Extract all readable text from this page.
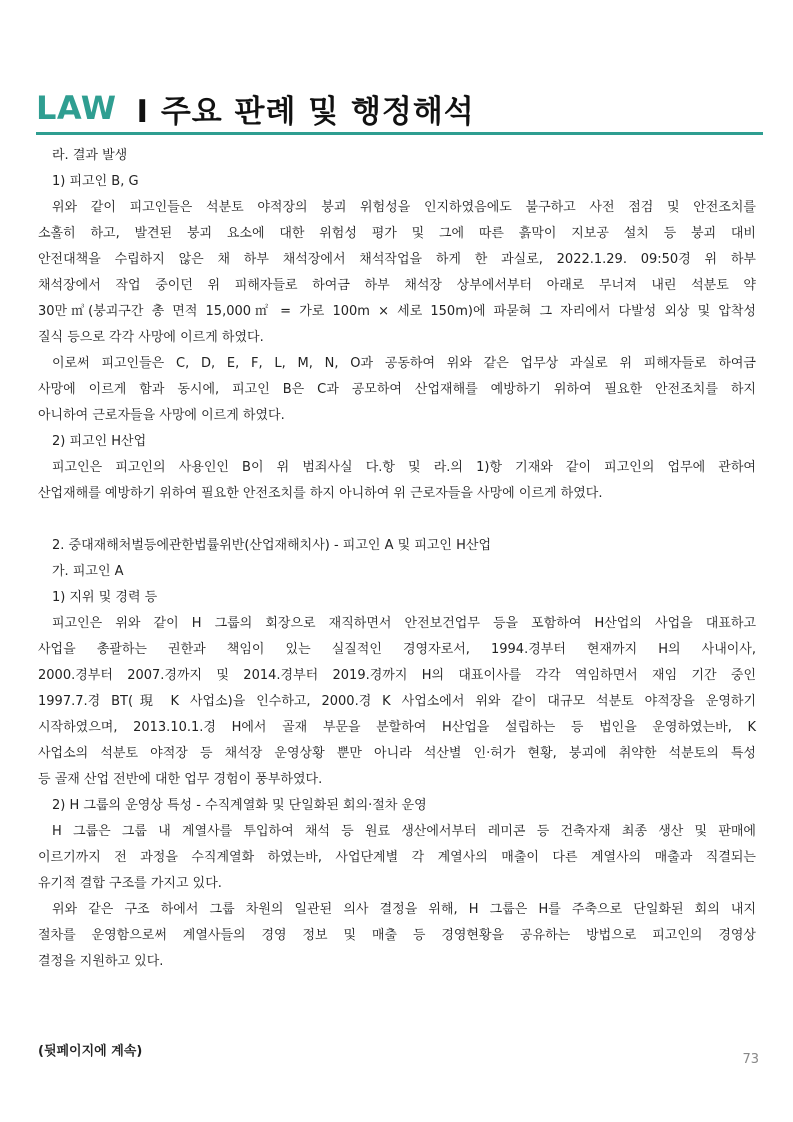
LAW I 주요 판례 및 행정해석

라. 결과 발생

1) 피고인 B, G

위와 같이 피고인들은 석분토 야적장의 붕괴 위험성을 인지하였음에도 불구하고 사전 점검 및 안전조치를

소홀히 하고, 발견된 붕괴 요소에 대한 위험성 평가 및 그에 따른 흙막이 지보공 설치 등 붕괴 대비

안전대책을 수립하지 않은 채 하부 채석장에서 채석작업을 하게 한 과실로, 2022.1.29. 09:50경 위 하부

채석장에서 작업 중이던 위 피해자들로 하여금 하부 채석장 상부에서부터 아래로 무너져 내린 석분토 약

30만㎥(붕괴구간 총 면적 15,000㎡ = 가로 100m × 세로 150m)에 파묻혀 그 자리에서 다발성 외상 및 압착성

질식 등으로 각각 사망에 이르게 하였다.

이로써 피고인들은 C, D, E, F, L, M, N, O과 공동하여 위와 같은 업무상 과실로 위 피해자들로 하여금

사망에 이르게 함과 동시에, 피고인 B은 C과 공모하여 산업재해를 예방하기 위하여 필요한 안전조치를 하지

아니하여 근로자들을 사망에 이르게 하였다.

2) 피고인 H산업

피고인은 피고인의 사용인인 B이 위 범죄사실 다.항 및 라.의 1)항 기재와 같이 피고인의 업무에 관하여

산업재해를 예방하기 위하여 필요한 안전조치를 하지 아니하여 위 근로자들을 사망에 이르게 하였다.

2. 중대재해처벌등에관한법률위반(산업재해치사) - 피고인 A 및 피고인 H산업

가. 피고인 A

1) 지위 및 경력 등

피고인은 위와 같이 H 그룹의 회장으로 재직하면서 안전보건업무 등을 포함하여 H산업의 사업을 대표하고

사업을 총괄하는 권한과 책임이 있는 실질적인 경영자로서, 1994.경부터 현재까지 H의 사내이사,

2000.경부터 2007.경까지 및 2014.경부터 2019.경까지 H의 대표이사를 각각 역임하면서 재임 기간 중인

1997.7.경 BT(現 K 사업소)을 인수하고, 2000.경 K 사업소에서 위와 같이 대규모 석분토 야적장을 운영하기

시작하였으며, 2013.10.1.경 H에서 골재 부문을 분할하여 H산업을 설립하는 등 법인을 운영하였는바, K

사업소의 석분토 야적장 등 채석장 운영상황 뿐만 아니라 석산별 인·허가 현황, 붕괴에 취약한 석분토의 특성

등 골재 산업 전반에 대한 업무 경험이 풍부하였다.

2) H 그룹의 운영상 특성 - 수직계열화 및 단일화된 회의·절차 운영

H 그룹은 그룹 내 계열사를 투입하여 채석 등 원료 생산에서부터 레미콘 등 건축자재 최종 생산 및 판매에

이르기까지 전 과정을 수직계열화 하였는바, 사업단계별 각 계열사의 매출이 다른 계열사의 매출과 직결되는

유기적 결합 구조를 가지고 있다.

위와 같은 구조 하에서 그룹 차원의 일관된 의사 결정을 위해, H 그룹은 H를 주축으로 단일화된 회의 내지

절차를 운영함으로써 계열사들의 경영 정보 및 매출 등 경영현황을 공유하는 방법으로 피고인의 경영상

결정을 지원하고 있다.

(뒷페이지에 계속)
73
